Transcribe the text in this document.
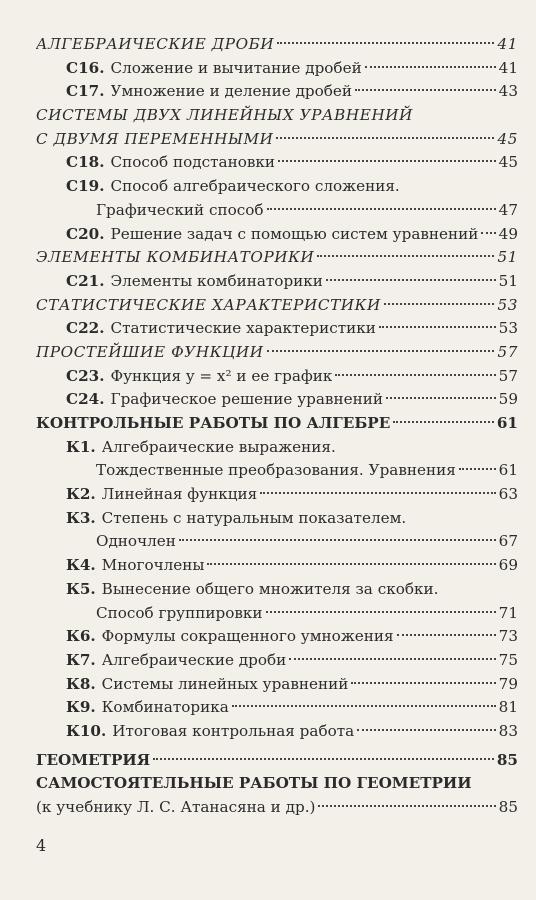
АЛГЕБРАИЧЕСКИЕ ДРОБИ	41
С16. Сложение и вычитание дробей	41
С17. Умножение и деление дробей	43
СИСТЕМЫ ДВУХ ЛИНЕЙНЫХ УРАВНЕНИЙ
С ДВУМЯ ПЕРЕМЕННЫМИ	45
С18. Способ подстановки	45
С19. Способ алгебраического сложения.
Графический способ	47
С20. Решение задач с помощью систем уравнений 49
ЭЛЕМЕНТЫ КОМБИНАТОРИКИ	51
С21. Элементы комбинаторики	51
СТАТИСТИЧЕСКИЕ ХАРАКТЕРИСТИКИ	53
С22. Статистические характеристики	53
ПРОСТЕЙШИЕ ФУНКЦИИ	57
С23. Функция y = x² и ее график	57
С24. Графическое решение уравнений	59
КОНТРОЛЬНЫЕ РАБОТЫ ПО АЛГЕБРЕ	61
К1. Алгебраические выражения.
Тождественные преобразования. Уравнения	61
К2. Линейная функция	63
К3. Степень с натуральным показателем.
Одночлен	67
К4. Многочлены	69
К5. Вынесение общего множителя за скобки.
Способ группировки	71
К6. Формулы сокращенного умножения	73
К7. Алгебраические дроби	75
К8. Системы линейных уравнений	79
К9. Комбинаторика	81
К10. Итоговая контрольная работа	83
ГЕОМЕТРИЯ	85
САМОСТОЯТЕЛЬНЫЕ РАБОТЫ ПО ГЕОМЕТРИИ
(к учебнику Л. С. Атанасяна и др.)	85
4
